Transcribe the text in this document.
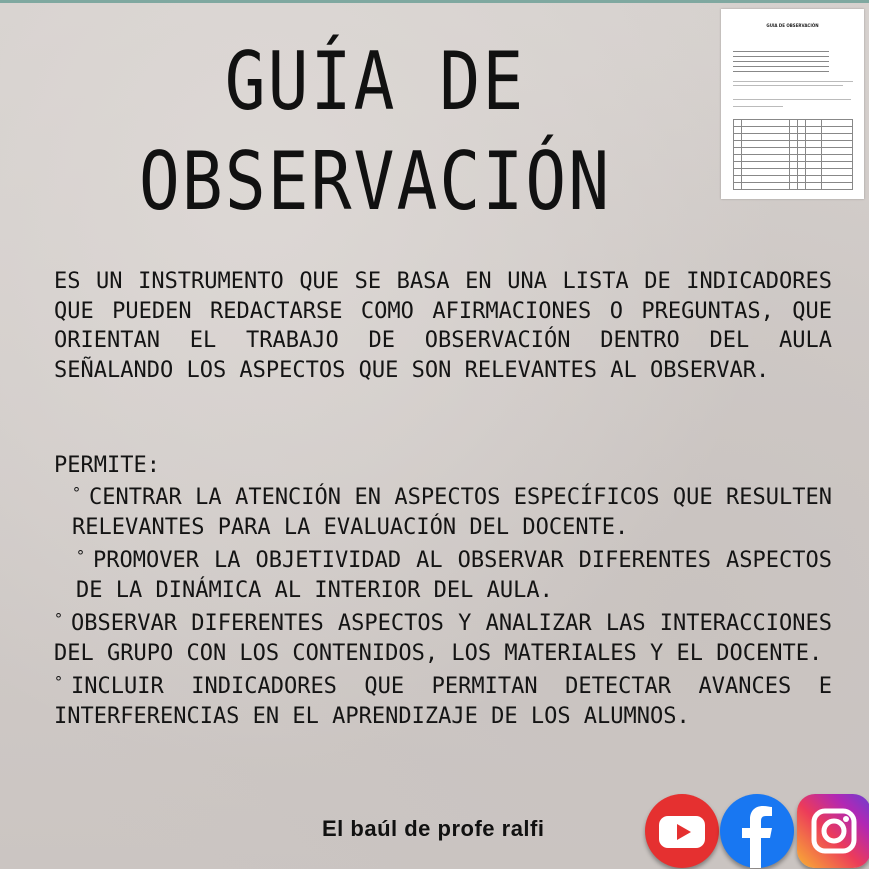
GUÍA DE
OBSERVACIÓN
GUIA DE OBSERVACIÓN

ES UN INSTRUMENTO QUE SE BASA EN UNA LISTA DE INDICADORES QUE PUEDEN REDACTARSE COMO AFIRMACIONES O PREGUNTAS, QUE ORIENTAN EL TRABAJO DE OBSERVACIÓN DENTRO DEL AULA SEÑALANDO LOS ASPECTOS QUE SON RELEVANTES AL OBSERVAR.

PERMITE:

° CENTRAR LA ATENCIÓN EN ASPECTOS ESPECÍFICOS QUE RESULTEN RELEVANTES PARA LA EVALUACIÓN DEL DOCENTE.
° PROMOVER LA OBJETIVIDAD AL OBSERVAR DIFERENTES ASPECTOS DE LA DINÁMICA AL INTERIOR DEL AULA.
° OBSERVAR DIFERENTES ASPECTOS Y ANALIZAR LAS INTERACCIONES DEL GRUPO CON LOS CONTENIDOS, LOS MATERIALES Y EL DOCENTE.
° INCLUIR INDICADORES QUE PERMITAN DETECTAR AVANCES E INTERFERENCIAS EN EL APRENDIZAJE DE LOS ALUMNOS.
El baúl de profe ralfi
